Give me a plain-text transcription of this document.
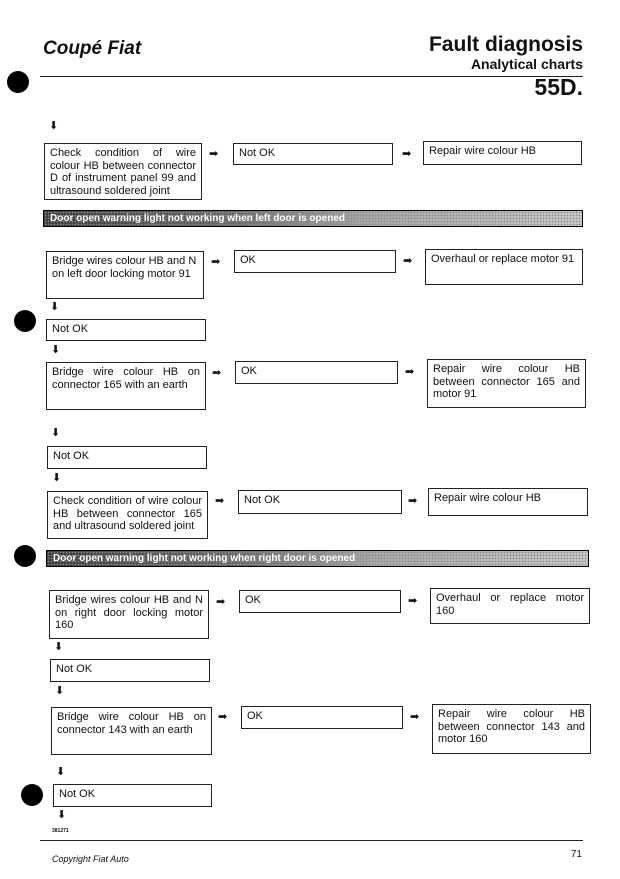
Coupé Fiat	Fault diagnosis
Analytical charts
55D.
⬇
Check condition of wire colour HB between connector D of instrument panel 99 and ultrasound soldered joint
➡	Not OK	➡	Repair wire colour HB
Door open warning light not working when left door is opened
Bridge wires colour HB and N on left door locking motor 91
➡	OK	➡	Overhaul or replace motor 91
⬇
Not OK
⬇
Bridge wire colour HB on connector 165 with an earth
➡	OK	➡	Repair wire colour HB between connector 165 and motor 91
⬇
Not OK
⬇
Check condition of wire colour HB between connector 165 and ultrasound soldered joint
➡	Not OK	➡	Repair wire colour HB
Door open warning light not working when right door is opened
Bridge wires colour HB and N on right door locking motor 160
➡	OK	➡	Overhaul or replace motor 160
⬇
Not OK
⬇
Bridge wire colour HB on connector 143 with an earth
➡	OK	➡	Repair wire colour HB between connector 143 and motor 160
⬇
Not OK
⬇
381271
Copyright Fiat Auto	71
